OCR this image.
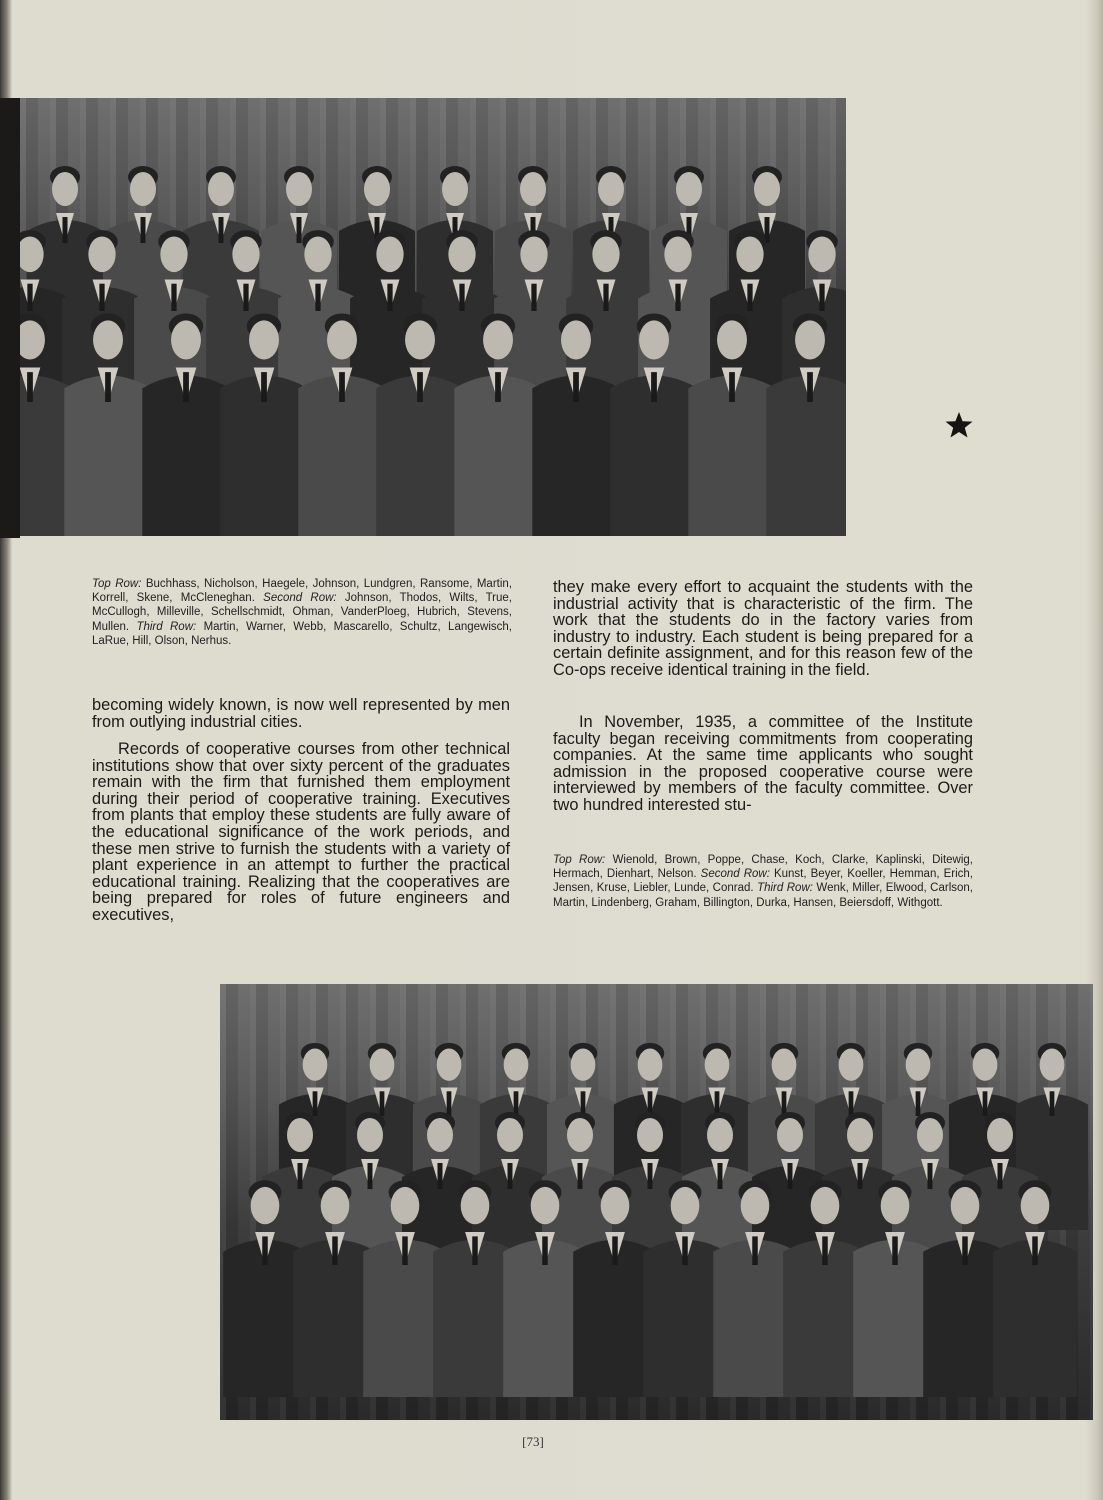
Top Row: Buchhass, Nicholson, Haegele, Johnson, Lundgren, Ransome, Martin, Korrell, Skene, McCleneghan. Second Row: Johnson, Thodos, Wilts, True, McCullogh, Milleville, Schellschmidt, Ohman, VanderPloeg, Hubrich, Stevens, Mullen. Third Row: Martin, Warner, Webb, Mascarello, Schultz, Langewisch, LaRue, Hill, Olson, Nerhus.

they make every effort to acquaint the students with the industrial activity that is characteristic of the firm. The work that the students do in the factory varies from industry to industry. Each student is being prepared for a certain definite assignment, and for this reason few of the Co-ops receive identical training in the field.

In November, 1935, a committee of the Institute faculty began receiving commitments from cooperating companies. At the same time applicants who sought admission in the proposed cooperative course were interviewed by members of the faculty committee. Over two hundred interested stu-

becoming widely known, is now well represented by men from outlying industrial cities.

Records of cooperative courses from other technical institutions show that over sixty percent of the graduates remain with the firm that furnished them employment during their period of cooperative training. Executives from plants that employ these students are fully aware of the educational significance of the work periods, and these men strive to furnish the students with a variety of plant experience in an attempt to further the practical educational training. Realizing that the cooperatives are being prepared for roles of future engineers and executives,

Top Row: Wienold, Brown, Poppe, Chase, Koch, Clarke, Kaplinski, Ditewig, Hermach, Dienhart, Nelson. Second Row: Kunst, Beyer, Koeller, Hemman, Erich, Jensen, Kruse, Liebler, Lunde, Conrad. Third Row: Wenk, Miller, Elwood, Carlson, Martin, Lindenberg, Graham, Billington, Durka, Hansen, Beiersdoff, Withgott.
[73]
